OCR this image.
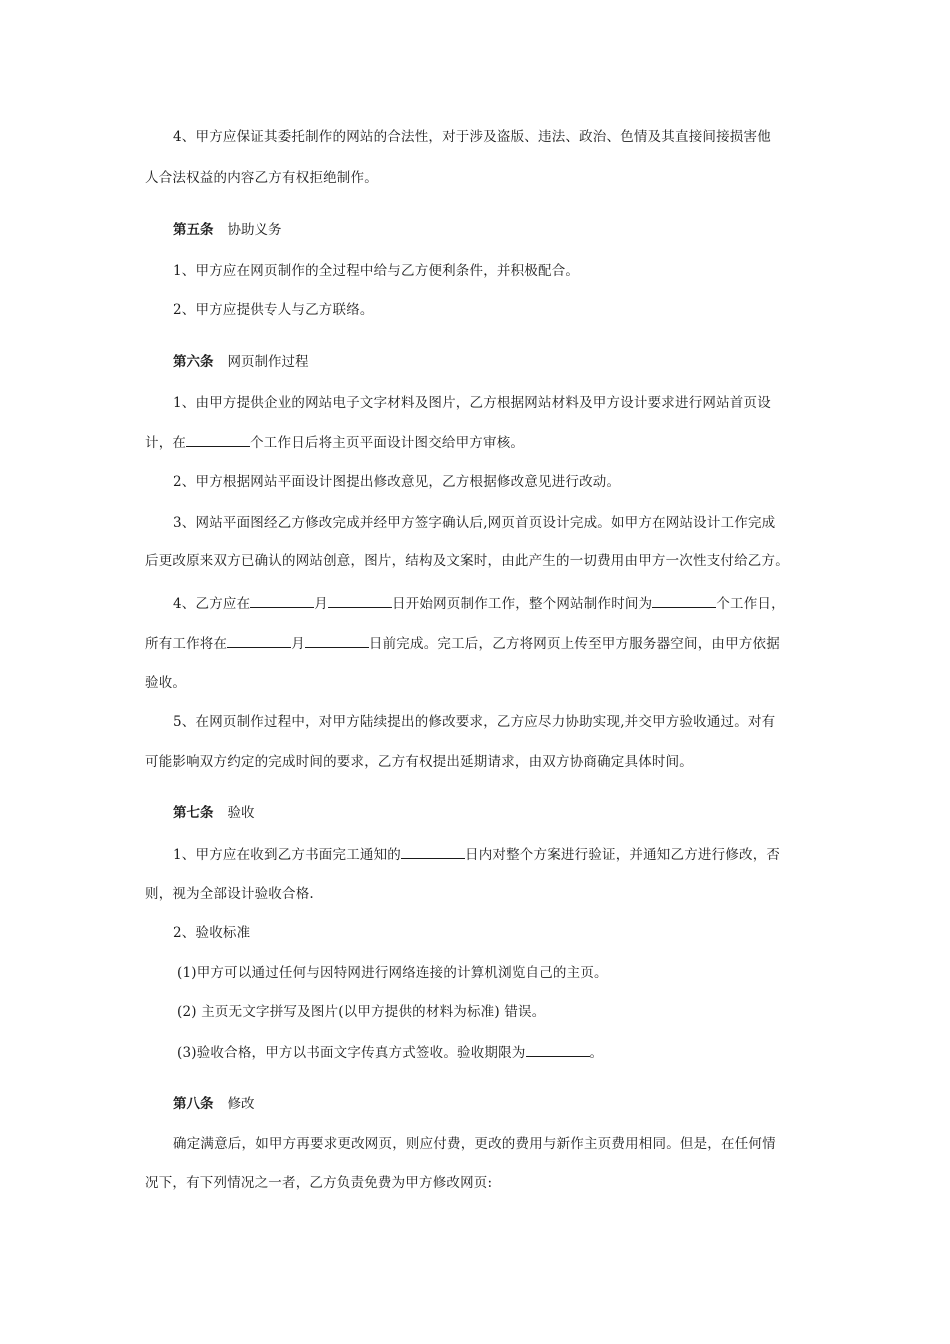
4、甲方应保证其委托制作的网站的合法性，对于涉及盗版、违法、政治、色情及其直接间接损害他
人合法权益的内容乙方有权拒绝制作。
第五条 协助义务
1、甲方应在网页制作的全过程中给与乙方便利条件，并积极配合。
2、甲方应提供专人与乙方联络。
第六条 网页制作过程
1、由甲方提供企业的网站电子文字材料及图片，乙方根据网站材料及甲方设计要求进行网站首页设
计，在	个工作日后将主页平面设计图交给甲方审核。
2、甲方根据网站平面设计图提出修改意见，乙方根据修改意见进行改动。
3、网站平面图经乙方修改完成并经甲方签字确认后,网页首页设计完成。如甲方在网站设计工作完成
后更改原来双方已确认的网站创意，图片，结构及文案时，由此产生的一切费用由甲方一次性支付给乙方。
4、乙方应在	月	日开始网页制作工作，整个网站制作时间为	个工作日，
所有工作将在	月	日前完成。完工后，乙方将网页上传至甲方服务器空间，由甲方依据
验收。
5、在网页制作过程中，对甲方陆续提出的修改要求，乙方应尽力协助实现,并交甲方验收通过。对有
可能影响双方约定的完成时间的要求，乙方有权提出延期请求，由双方协商确定具体时间。
第七条 验收
1、甲方应在收到乙方书面完工通知的	日内对整个方案进行验证，并通知乙方进行修改，否
则，视为全部设计验收合格.
2、验收标准
(1)甲方可以通过任何与因特网进行网络连接的计算机浏览自己的主页。
(2) 主页无文字拼写及图片(以甲方提供的材料为标准) 错误。
(3)验收合格，甲方以书面文字传真方式签收。验收期限为	。
第八条 修改
确定满意后，如甲方再要求更改网页，则应付费，更改的费用与新作主页费用相同。但是，在任何情
况下，有下列情况之一者，乙方负责免费为甲方修改网页:
